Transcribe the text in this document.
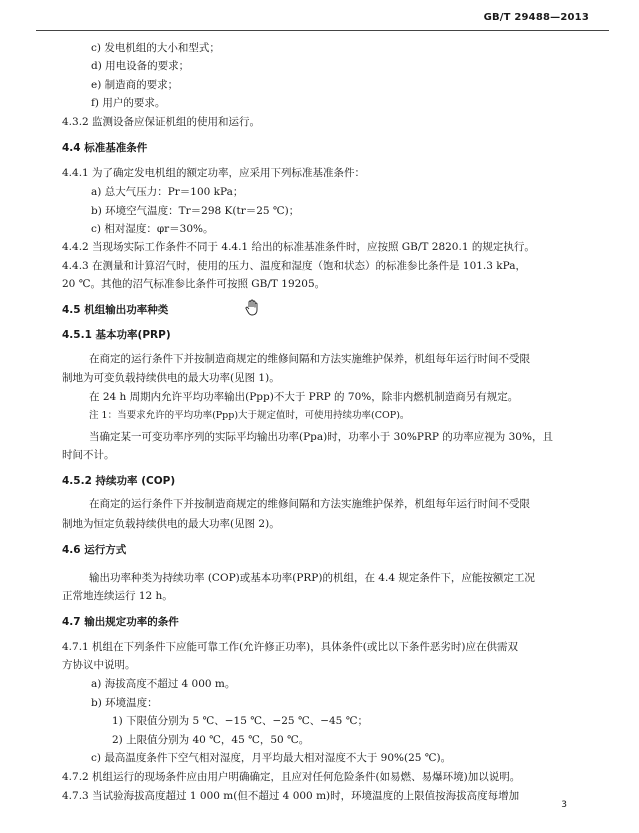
GB/T 29488—2013
c) 发电机组的大小和型式；
d) 用电设备的要求；
e) 制造商的要求；
f) 用户的要求。
4.3.2 监测设备应保证机组的使用和运行。
4.4 标准基准条件
4.4.1 为了确定发电机组的额定功率，应采用下列标准基准条件：
a) 总大气压力：Pr＝100 kPa；
b) 环境空气温度：Tr＝298 K(tr＝25 ℃)；
c) 相对湿度：φr＝30%。
4.4.2 当现场实际工作条件不同于 4.4.1 给出的标准基准条件时，应按照 GB/T 2820.1 的规定执行。
4.4.3 在测量和计算沼气时，使用的压力、温度和湿度（饱和状态）的标准参比条件是 101.3 kPa，
20 ℃。其他的沼气标准参比条件可按照 GB/T 19205。
4.5 机组输出功率种类
4.5.1 基本功率(PRP)
在商定的运行条件下并按制造商规定的维修间隔和方法实施维护保养，机组每年运行时间不受限
制地为可变负载持续供电的最大功率(见图 1)。
在 24 h 周期内允许平均功率输出(Ppp)不大于 PRP 的 70%，除非内燃机制造商另有规定。
注 1：当要求允许的平均功率(Ppp)大于规定值时，可使用持续功率(COP)。
当确定某一可变功率序列的实际平均输出功率(Ppa)时，功率小于 30%PRP 的功率应视为 30%，且
时间不计。
4.5.2 持续功率 (COP)
在商定的运行条件下并按制造商规定的维修间隔和方法实施维护保养，机组每年运行时间不受限
制地为恒定负载持续供电的最大功率(见图 2)。
4.6 运行方式
输出功率种类为持续功率 (COP)或基本功率(PRP)的机组，在 4.4 规定条件下，应能按额定工况
正常地连续运行 12 h。
4.7 输出规定功率的条件
4.7.1 机组在下列条件下应能可靠工作(允许修正功率)，具体条件(或比以下条件恶劣时)应在供需双
方协议中说明。
a) 海拔高度不超过 4 000 m。
b) 环境温度：
1) 下限值分别为 5 ℃、−15 ℃、−25 ℃、−45 ℃；
2) 上限值分别为 40 ℃，45 ℃，50 ℃。
c) 最高温度条件下空气相对湿度，月平均最大相对湿度不大于 90%(25 ℃)。
4.7.2 机组运行的现场条件应由用户明确确定，且应对任何危险条件(如易燃、易爆环境)加以说明。
4.7.3 当试验海拔高度超过 1 000 m(但不超过 4 000 m)时，环境温度的上限值按海拔高度每增加
3
